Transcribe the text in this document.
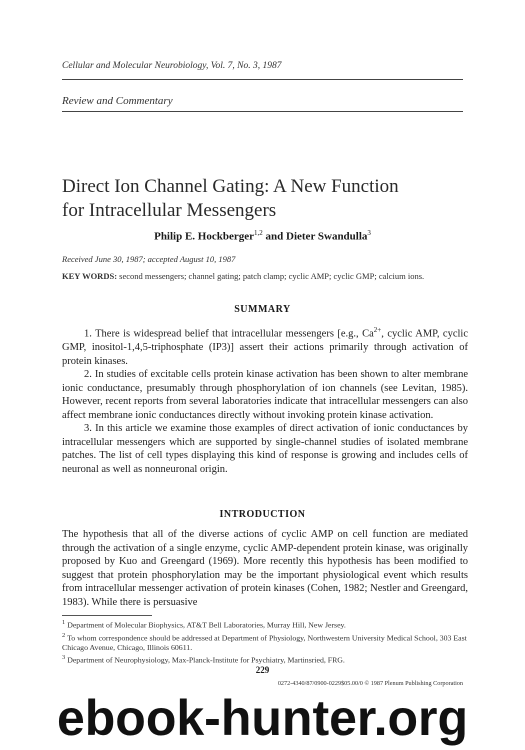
Cellular and Molecular Neurobiology, Vol. 7, No. 3, 1987
Review and Commentary
Direct Ion Channel Gating: A New Function
for Intracellular Messengers
Philip E. Hockberger$^{1,2}$ and Dieter Swandulla$^3$
Received June 30, 1987; accepted August 10, 1987
KEY WORDS: second messengers; channel gating; patch clamp; cyclic AMP; cyclic GMP; calcium ions.
SUMMARY

1. There is widespread belief that intracellular messengers [e.g., $Ca^{2+}$, cyclic AMP, cyclic GMP, inositol-1,4,5-triphosphate (IP3)] assert their actions primarily through activation of protein kinases.

2. In studies of excitable cells protein kinase activation has been shown to alter membrane ionic conductance, presumably through phosphorylation of ion channels (see Levitan, 1985). However, recent reports from several laboratories indicate that intracellular messengers can also affect membrane ionic conductances directly without invoking protein kinase activation.

3. In this article we examine those examples of direct activation of ionic conductances by intracellular messengers which are supported by single-channel studies of isolated membrane patches. The list of cell types displaying this kind of response is growing and includes cells of neuronal as well as nonneuronal origin.

INTRODUCTION

The hypothesis that all of the diverse actions of cyclic AMP on cell function are mediated through the activation of a single enzyme, cyclic AMP-dependent protein kinase, was originally proposed by Kuo and Greengard (1969). More recently this hypothesis has been modified to suggest that protein phosphorylation may be the important physiological event which results from intracellular messenger activation of protein kinases (Cohen, 1982; Nestler and Greengard, 1983). While there is persuasive

$^1$ Department of Molecular Biophysics, AT&T Bell Laboratories, Murray Hill, New Jersey.
$^2$ To whom correspondence should be addressed at Department of Physiology, Northwestern University Medical School, 303 East Chicago Avenue, Chicago, Illinois 60611.
$^3$ Department of Neurophysiology, Max-Planck-Institute for Psychiatry, Martinsried, FRG.
229
0272-4340/87/0900-0229$05.00/0 © 1987 Plenum Publishing Corporation
ebook-hunter.org
